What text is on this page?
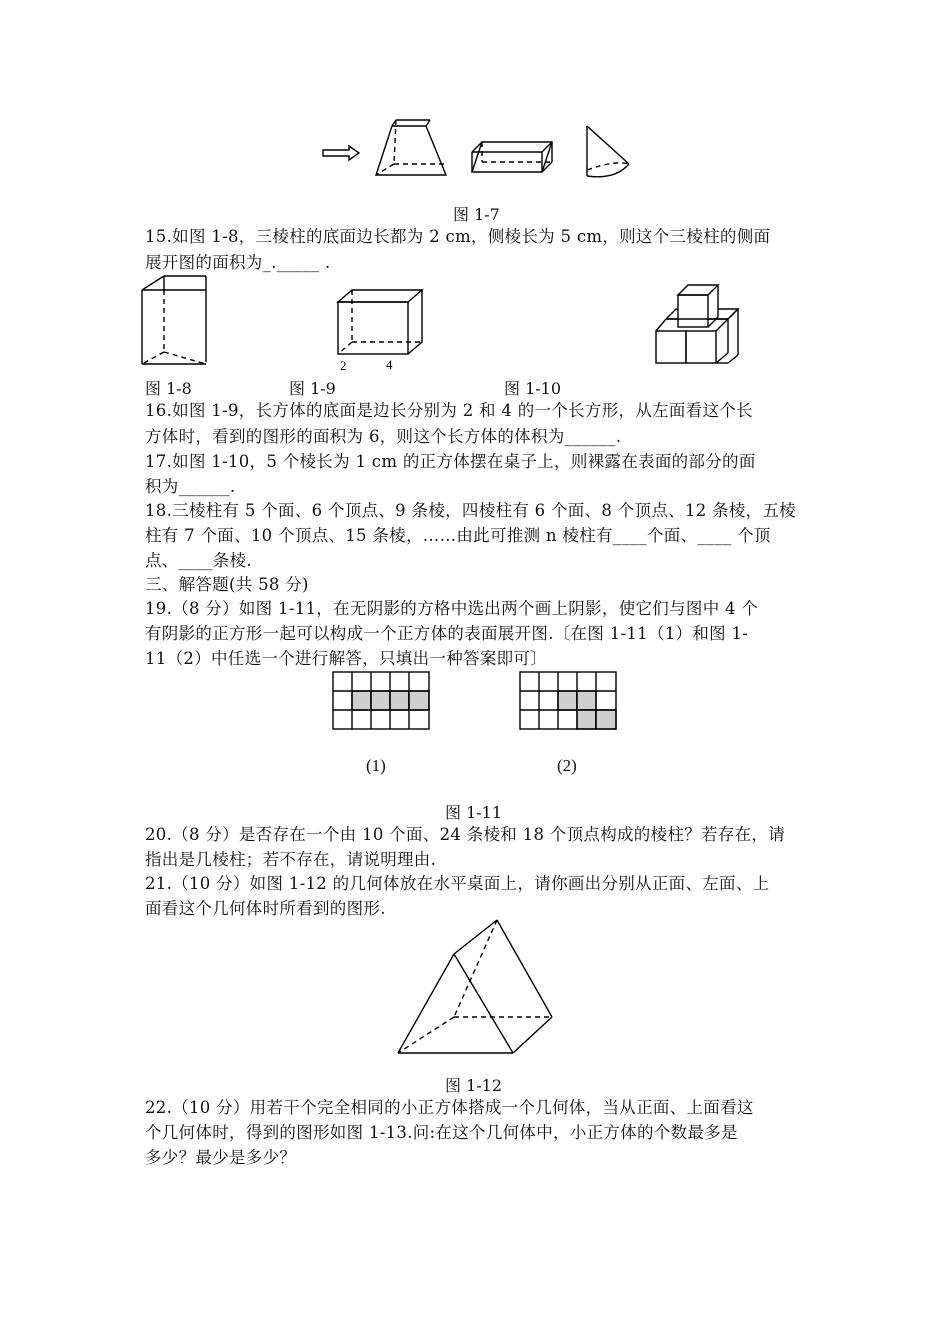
图 1-7
15.如图 1-8，三棱柱的底面边长都为 2 cm，侧棱长为 5 cm，则这个三棱柱的侧面
展开图的面积为_._____ .
2	4
图 1-8	图 1-9	图 1-10
16.如图 1-9，长方体的底面是边长分别为 2 和 4 的一个长方形，从左面看这个长
方体时，看到的图形的面积为 6，则这个长方体的体积为______.
17.如图 1-10，5 个棱长为 1 cm 的正方体摆在桌子上，则裸露在表面的部分的面
积为______.
18.三棱柱有 5 个面、6 个顶点、9 条棱，四棱柱有 6 个面、8 个顶点、12 条棱，五棱
柱有 7 个面、10 个顶点、15 条棱，……由此可推测 n 棱柱有____个面、____ 个顶
点、____条棱.
三、解答题(共 58 分)
19.（8 分）如图 1-11，在无阴影的方格中选出两个画上阴影，使它们与图中 4 个
有阴影的正方形一起可以构成一个正方体的表面展开图.〔在图 1-11（1）和图 1-
11（2）中任选一个进行解答，只填出一种答案即可〕
(1)	(2)
图 1-11
20.（8 分）是否存在一个由 10 个面、24 条棱和 18 个顶点构成的棱柱？若存在，请
指出是几棱柱；若不存在，请说明理由.
21.（10 分）如图 1-12 的几何体放在水平桌面上，请你画出分别从正面、左面、上
面看这个几何体时所看到的图形.
图 1-12
22.（10 分）用若干个完全相同的小正方体搭成一个几何体，当从正面、上面看这
个几何体时，得到的图形如图 1-13.问:在这个几何体中，小正方体的个数最多是
多少？最少是多少？
